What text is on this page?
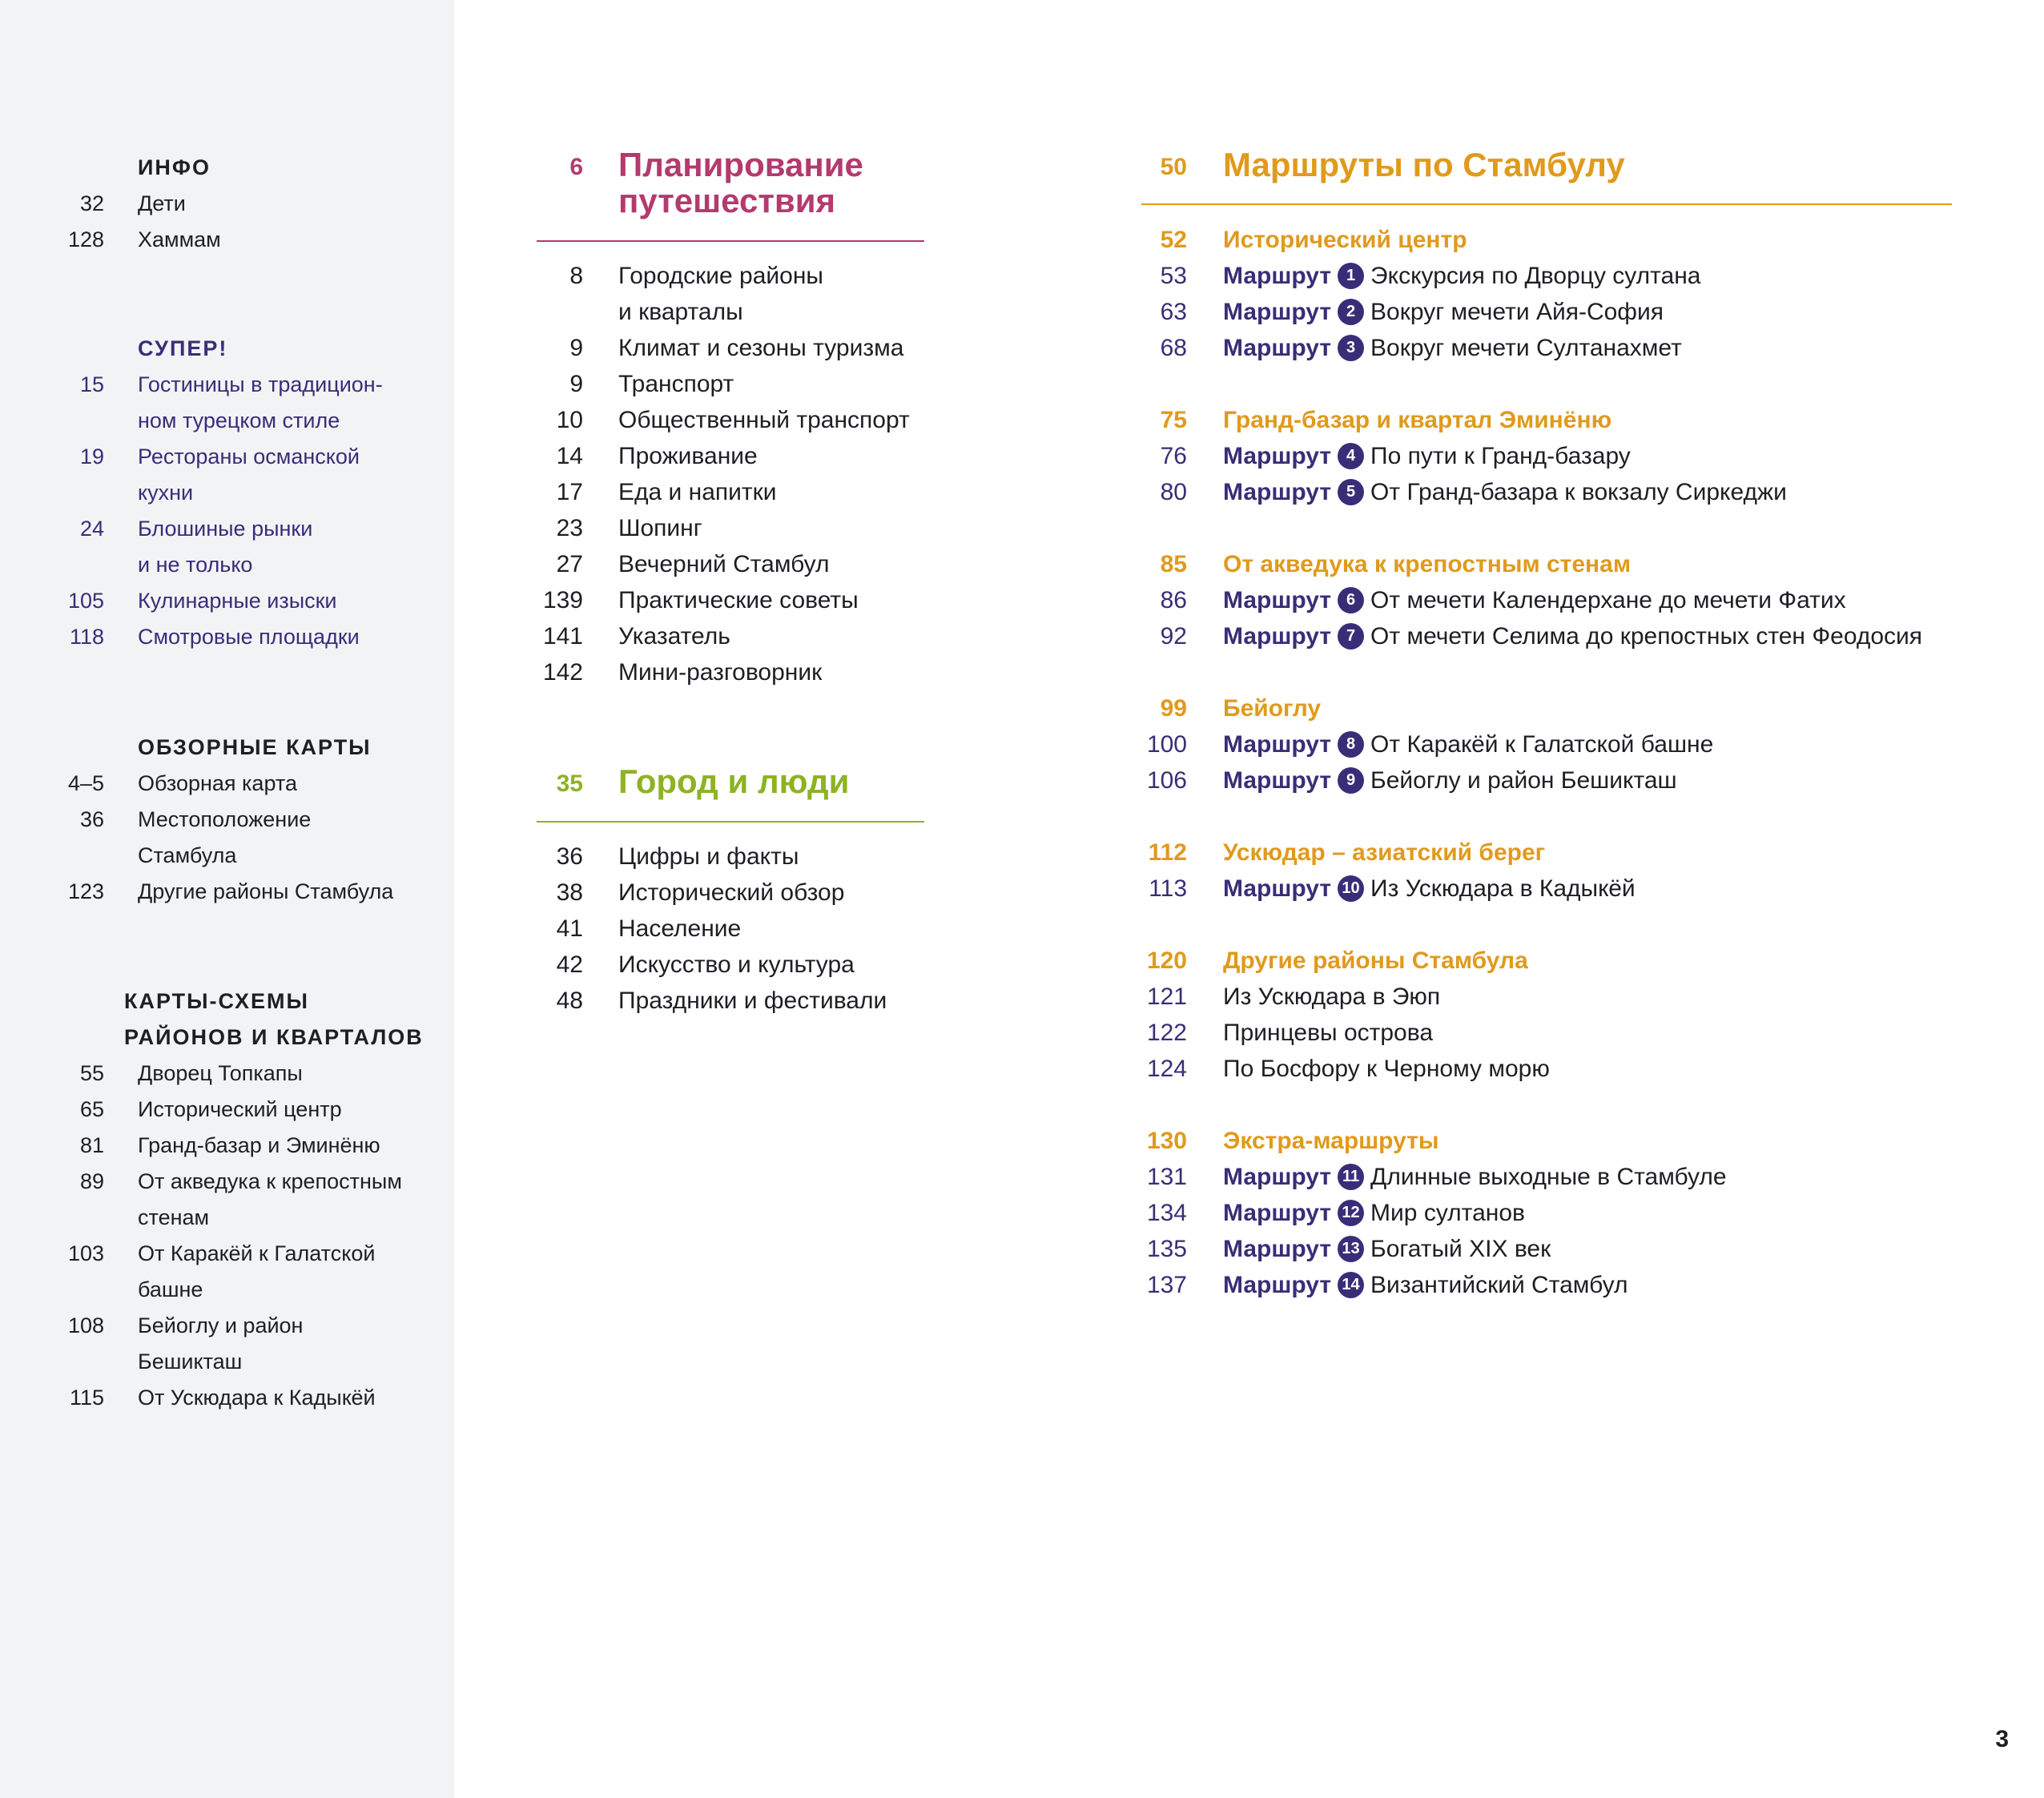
ИНФО
32 Дети
128 Хаммам
СУПЕР!
15 Гостиницы в традицион-
ном турецком стиле
19 Рестораны османской
кухни
24 Блошиные рынки
и не только
105 Кулинарные изыски
118 Смотровые площадки
ОБЗОРНЫЕ КАРТЫ
4–5 Обзорная карта
36 Местоположение
Стамбула
123 Другие районы Стамбула
КАРТЫ-СХЕМЫ
РАЙОНОВ И КВАРТАЛОВ
55 Дворец Топкапы
65 Исторический центр
81 Гранд-базар и Эминёню
89 От акведука к крепостным
стенам
103 От Каракёй к Галатской
башне
108 Бейоглу и район
Бешикташ
115 От Ускюдара к Кадыкёй
6 Планирование
путешествия
8 Городские районы
и кварталы
9 Климат и сезоны туризма
9 Транспорт
10 Общественный транспорт
14 Проживание
17 Еда и напитки
23 Шопинг
27 Вечерний Стамбул
139 Практические советы
141 Указатель
142 Мини-разговорник
35 Город и люди
36 Цифры и факты
38 Исторический обзор
41 Население
42 Искусство и культура
48 Праздники и фестивали
50 Маршруты по Стамбулу
52 Исторический центр
53 Маршрут 1 Экскурсия по Дворцу султана
63 Маршрут 2 Вокруг мечети Айя-София
68 Маршрут 3 Вокруг мечети Султанахмет
75 Гранд-базар и квартал Эминёню
76 Маршрут 4 По пути к Гранд-базару
80 Маршрут 5 От Гранд-базара к вокзалу Сиркеджи
85 От акведука к крепостным стенам
86 Маршрут 6 От мечети Календерхане до мечети Фатих
92 Маршрут 7 От мечети Селима до крепостных стен Феодосия
99 Бейоглу
100 Маршрут 8 От Каракёй к Галатской башне
106 Маршрут 9 Бейоглу и район Бешикташ
112 Ускюдар – азиатский берег
113 Маршрут 10 Из Ускюдара в Кадыкёй
120 Другие районы Стамбула
121 Из Ускюдара в Эюп
122 Принцевы острова
124 По Босфору к Черному морю
130 Экстра-маршруты
131 Маршрут 11 Длинные выходные в Стамбуле
134 Маршрут 12 Мир султанов
135 Маршрут 13 Богатый XIX век
137 Маршрут 14 Византийский Стамбул
3
